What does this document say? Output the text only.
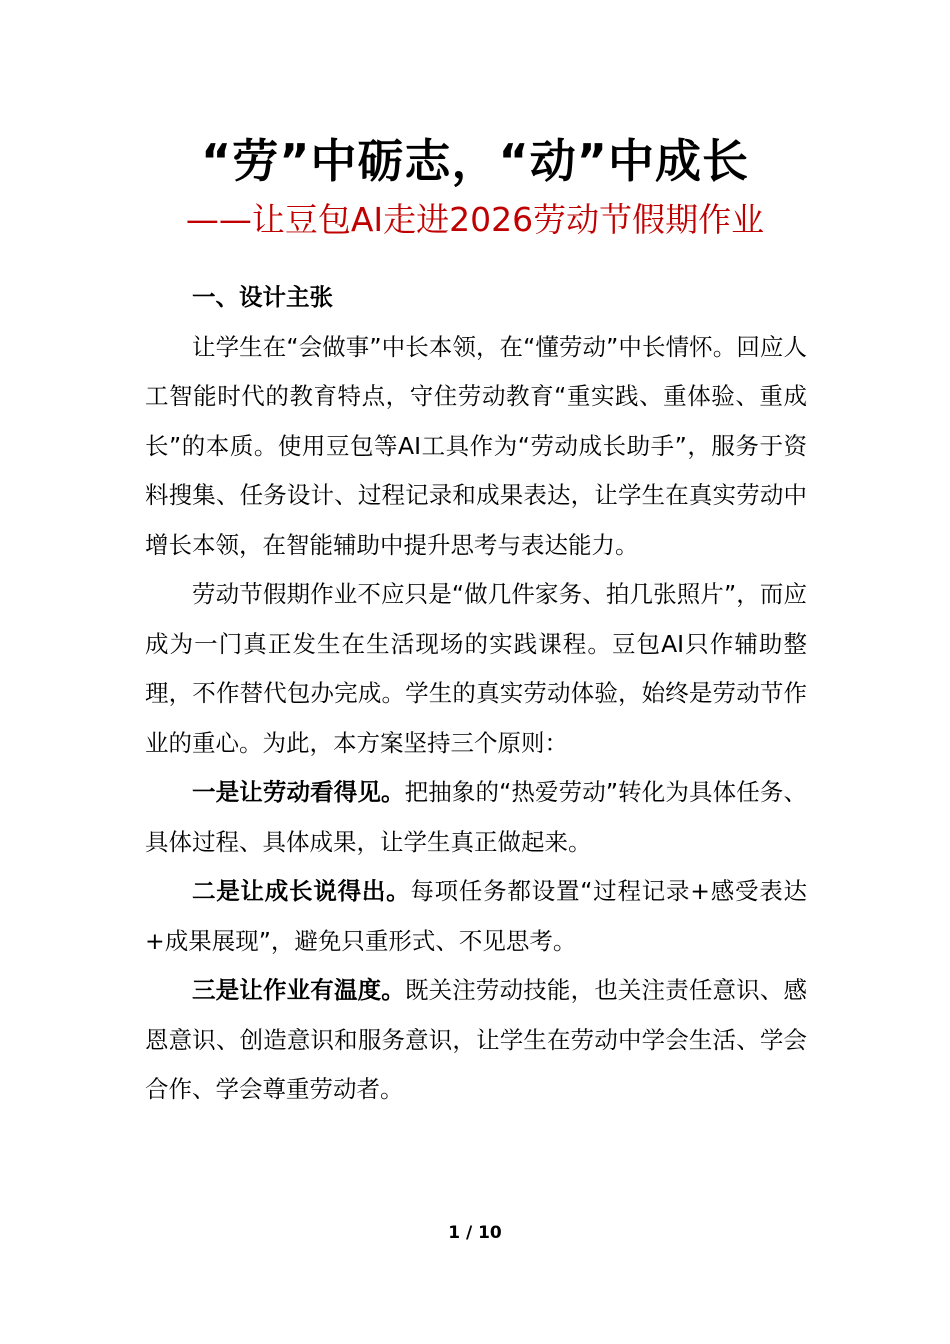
“劳”中砺志，“动”中成长
——让豆包AI走进2026劳动节假期作业

一、设计主张

让学生在“会做事”中长本领，在“懂劳动”中长情怀。回应人工智能时代的教育特点，守住劳动教育“重实践、重体验、重成长”的本质。使用豆包等AI工具作为“劳动成长助手”，服务于资料搜集、任务设计、过程记录和成果表达，让学生在真实劳动中增长本领，在智能辅助中提升思考与表达能力。

劳动节假期作业不应只是“做几件家务、拍几张照片”，而应成为一门真正发生在生活现场的实践课程。豆包AI只作辅助整理，不作替代包办完成。学生的真实劳动体验，始终是劳动节作业的重心。为此，本方案坚持三个原则：

一是让劳动看得见。把抽象的“热爱劳动”转化为具体任务、具体过程、具体成果，让学生真正做起来。

二是让成长说得出。每项任务都设置“过程记录+感受表达+成果展现”，避免只重形式、不见思考。

三是让作业有温度。既关注劳动技能，也关注责任意识、感恩意识、创造意识和服务意识，让学生在劳动中学会生活、学会合作、学会尊重劳动者。

1 / 10
